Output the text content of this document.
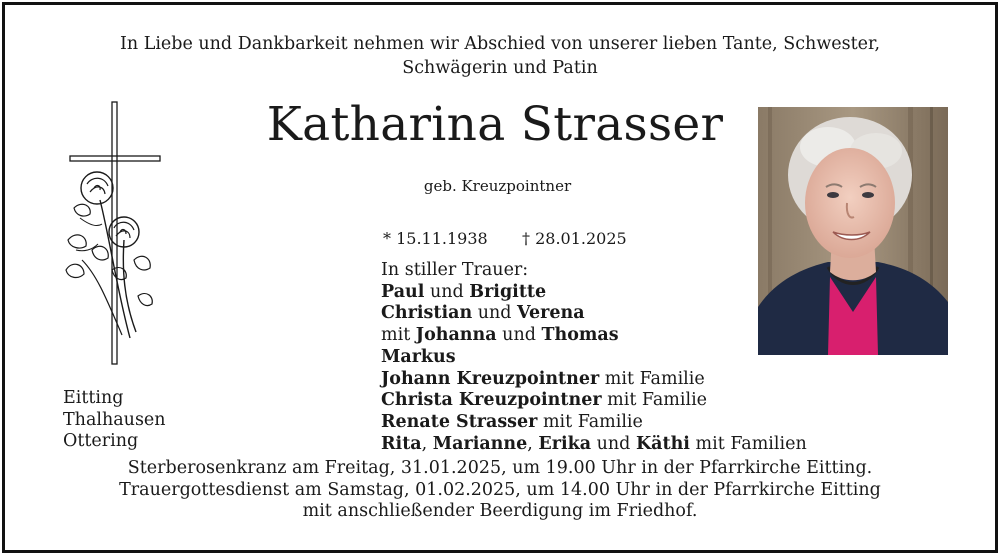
In Liebe und Dankbarkeit nehmen wir Abschied von unserer lieben Tante, Schwester,
Schwägerin und Patin
Katharina Strasser
geb. Kreuzpointner
* 15.11.1938 † 28.01.2025
In stiller Trauer:
Paul und Brigitte
Christian und Verena
mit Johanna und Thomas
Markus
Johann Kreuzpointner mit Familie
Christa Kreuzpointner mit Familie
Renate Strasser mit Familie
Rita, Marianne, Erika und Käthi mit Familien
Eitting
Thalhausen
Ottering
Sterberosenkranz am Freitag, 31.01.2025, um 19.00 Uhr in der Pfarrkirche Eitting.
Trauergottesdienst am Samstag, 01.02.2025, um 14.00 Uhr in der Pfarrkirche Eitting
mit anschließender Beerdigung im Friedhof.
